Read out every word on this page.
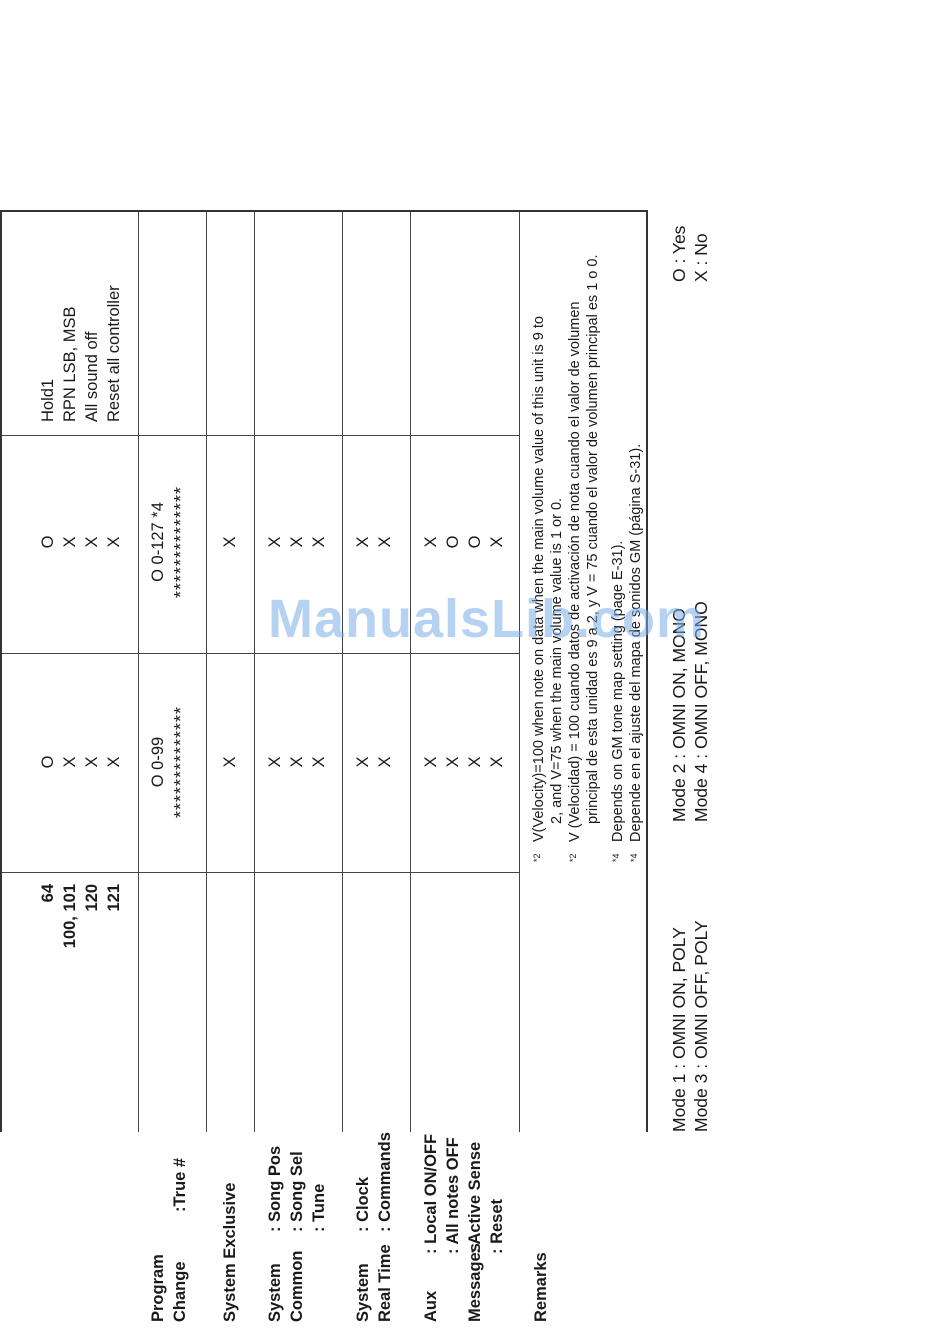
64 100, 101 120 121
O X X X
O X X X
Hold1 RPN LSB, MSB All sound off Reset all controller
Program Change
:True #
O 0-99 **************
O 0-127 *4 **************
System Exclusive
X
X
System Common
: Song Pos : Song Sel : Tune
X X X
X X X
System Real Time
: Clock : Commands
X X
X X
Aux Messages
: Local ON/OFF : All notes OFF : Active Sense : Reset
X X X X
X O O X
Remarks
*2
V(Velocity)=100 when note on data when the main volume value of this unit is 9 to 2, and V=75 when the main volume value is 1 or 0.
*2
V (Velocidad) = 100 cuando datos de activación de nota cuando el valor de volumen principal de esta unidad es 9 a 2, y V = 75 cuando el valor de volumen principal es 1 o 0.
*4
Depends on GM tone map setting (page E-31).
*4
Depende en el ajuste del mapa de sonidos GM (página S-31).
Mode 1 : OMNI ON, POLY Mode 3 : OMNI OFF, POLY
Mode 2 : OMNI ON, MONO Mode 4 : OMNI OFF, MONO
O : Yes X : No
ManualsLib.com
